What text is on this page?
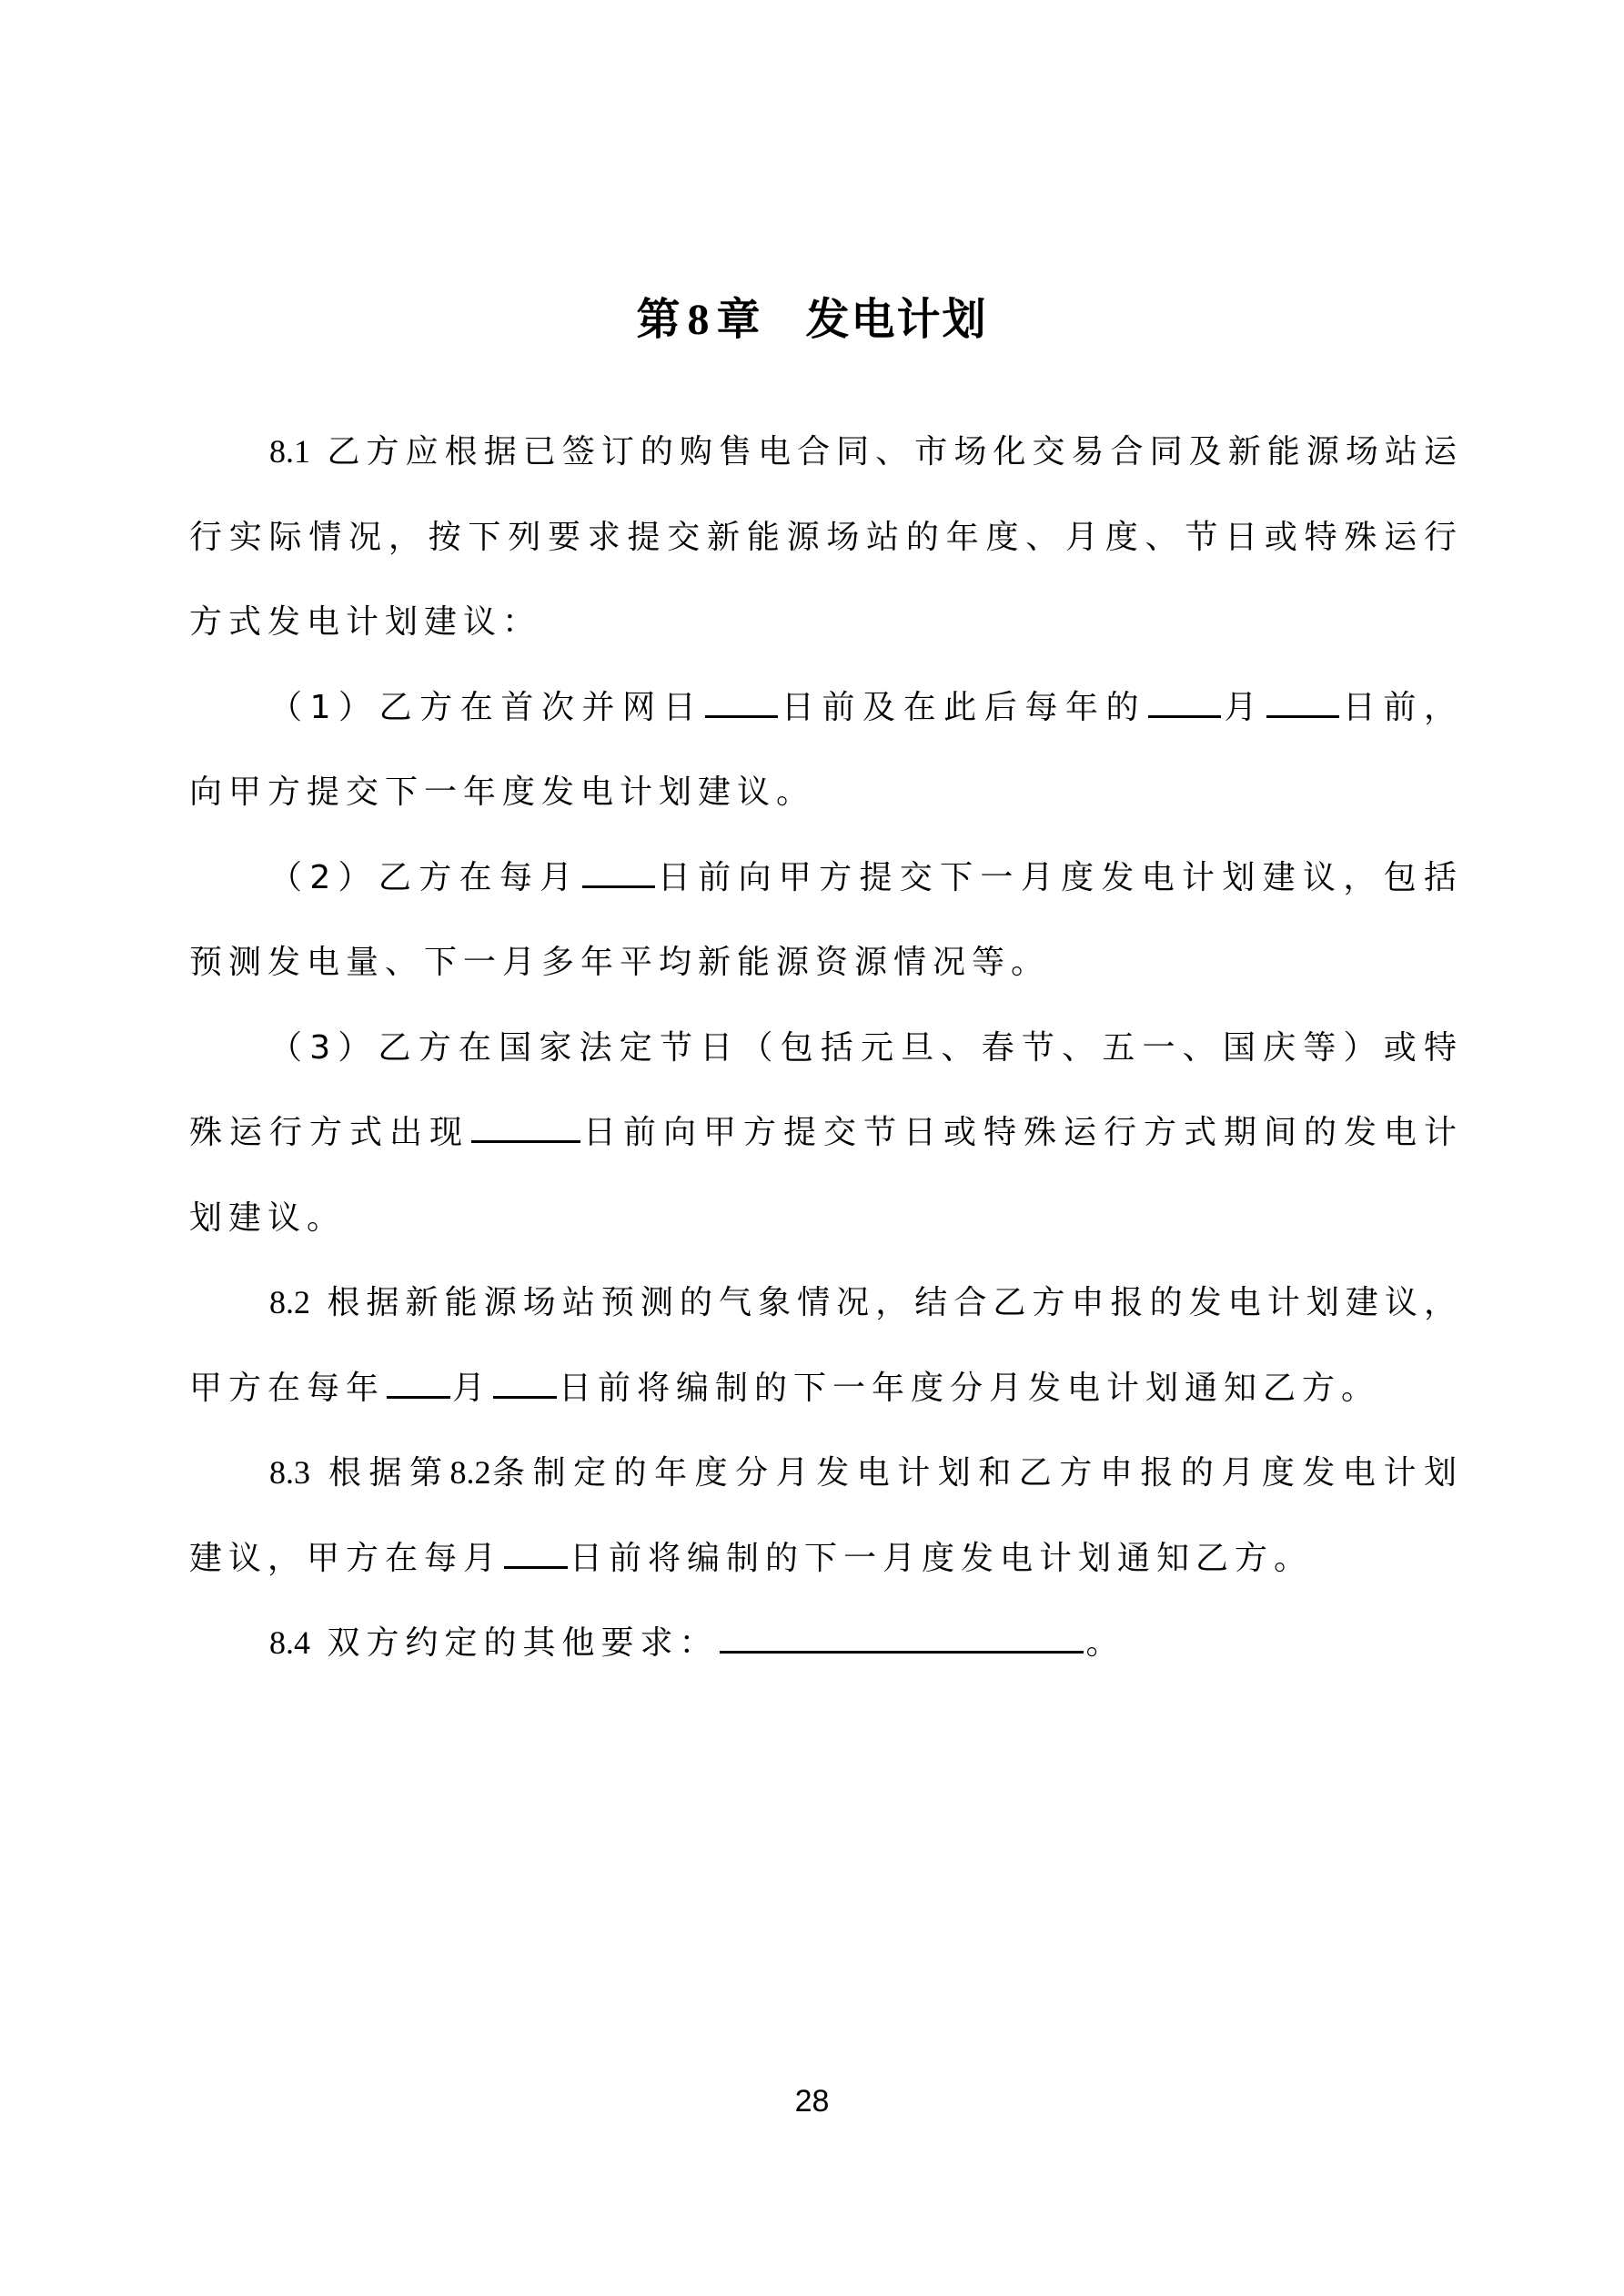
第 8 章 发电计划

8.1 乙方应根据已签订的购售电合同、市场化交易合同及新能源场站运行实际情况，按下列要求提交新能源场站的年度、月度、节日或特殊运行方式发电计划建议：

（1）乙方在首次并网日 日前及在此后每年的 月 日前，向甲方提交下一年度发电计划建议。

（2）乙方在每月 日前向甲方提交下一月度发电计划建议，包括预测发电量、下一月多年平均新能源资源情况等。

（3）乙方在国家法定节日（包括元旦、春节、五一、国庆等）或特殊运行方式出现	日前向甲方提交节日或特殊运行方式期间的发电计划建议。

8.2 根据新能源场站预测的气象情况，结合乙方申报的发电计划建议，甲方在每年 月 日前将编制的下一年度分月发电计划通知乙方。

8.3 根据第8.2条制定的年度分月发电计划和乙方申报的月度发电计划建议，甲方在每月 日前将编制的下一月度发电计划通知乙方。

8.4 双方约定的其他要求：	。

28
